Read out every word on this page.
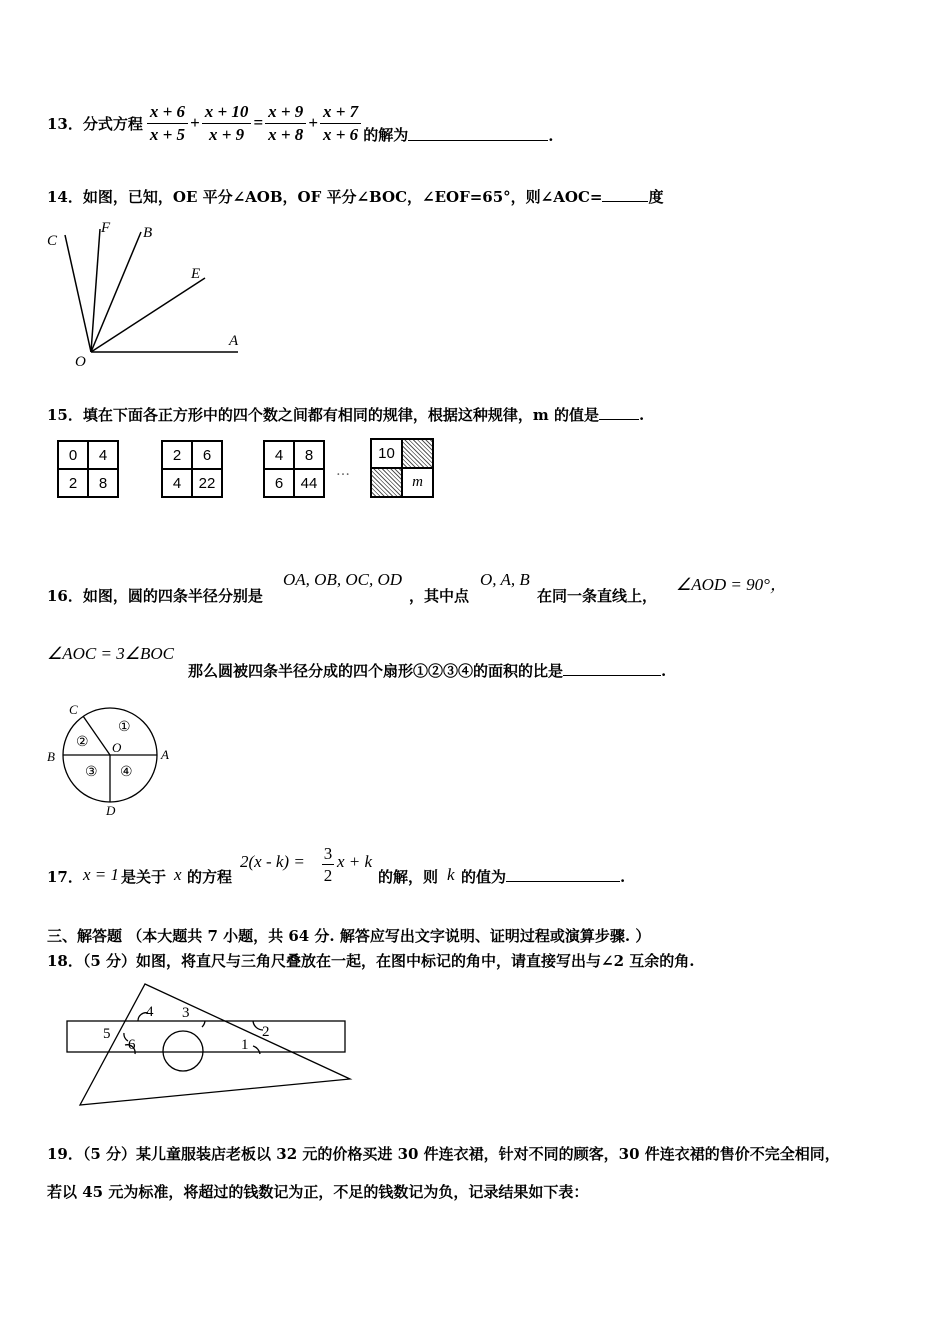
13．分式方程 $\frac{x + 6}{x + 5} + \frac{x + 10}{x + 9} = \frac{x + 9}{x + 8} + \frac{x + 7}{x + 6}$ 的解为	.
14．如图，已知，OE 平分∠AOB，OF 平分∠BOC，∠EOF=65°，则∠AOC=	度
C
F B
E
A
O
15．填在下面各正方形中的四个数之间都有相同的规律，根据这种规律，m 的值是	.
0	4
2	8
2	6
4	22
4	8
6	44
…
10
m
16．如图，圆的四条半径分别是
OA, OB, OC, OD
，其中点
O, A, B
在同一条直线上，
∠AOD = 90°，
∠AOC = 3∠BOC
那么圆被四条半径分成的四个扇形①②③④的面积的比是	.
C
B	A
D
O
①
②
③ ④
17． x = 1 是关于 x 的方程
2(x - k) = 3
2
x + k
的解，则 k 的值为	.
三、解答题 （本大题共 7 小题，共 64 分. 解答应写出文字说明、证明过程或演算步骤. ）
18．（5 分）如图，将直尺与三角尺叠放在一起，在图中标记的角中，请直接写出与∠2 互余的角.
1
2
3
4
5
6
19．（5 分）某儿童服装店老板以 32 元的价格买进 30 件连衣裙，针对不同的顾客，30 件连衣裙的售价不完全相同，
若以 45 元为标准，将超过的钱数记为正，不足的钱数记为负，记录结果如下表：
